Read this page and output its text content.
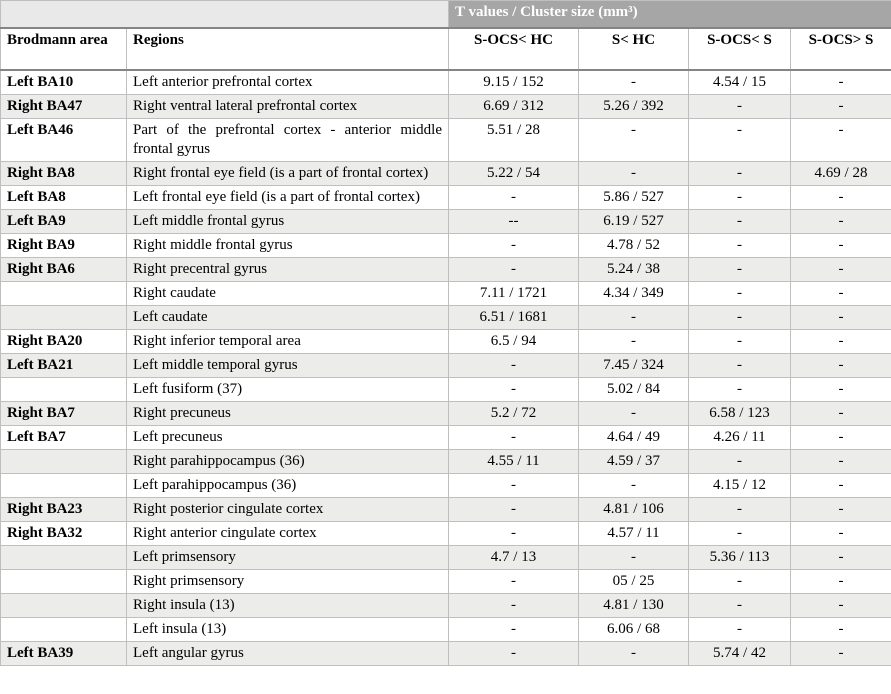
		T values / Cluster size (mm³)			
Brodmann area	Regions	S-OCS< HC	S< HC	S-OCS< S	S-OCS> S
Left BA10	Left anterior prefrontal cortex	9.15 / 152	-	4.54 / 15	-
Right BA47	Right ventral lateral prefrontal cortex	6.69 / 312	5.26 / 392	-	-
Left BA46	Part of the prefrontal cortex - anterior middle frontal gyrus	5.51 / 28	-	-	-
Right BA8	Right frontal eye field (is a part of frontal cortex)	5.22 / 54	-	-	4.69 / 28
Left BA8	Left frontal eye field (is a part of frontal cortex)	-	5.86 / 527	-	-
Left BA9	Left middle frontal gyrus	--	6.19 / 527	-	-
Right BA9	Right middle frontal gyrus	-	4.78 / 52	-	-
Right BA6	Right precentral gyrus	-	5.24 / 38	-	-
	Right caudate	7.11 / 1721	4.34 / 349	-	-
	Left caudate	6.51 / 1681	-	-	-
Right BA20	Right inferior temporal area	6.5 / 94	-	-	-
Left BA21	Left middle temporal gyrus	-	7.45 / 324	-	-
	Left fusiform (37)	-	5.02 / 84	-	-
Right BA7	Right precuneus	5.2 / 72	-	6.58 / 123	-
Left BA7	Left precuneus	-	4.64 / 49	4.26 / 11	-
	Right parahippocampus (36)	4.55 / 11	4.59 / 37	-	-
	Left parahippocampus (36)	-	-	4.15 / 12	-
Right BA23	Right posterior cingulate cortex	-	4.81 / 106	-	-
Right BA32	Right anterior cingulate cortex	-	4.57 / 11	-	-
	Left primsensory	4.7 / 13	-	5.36 / 113	-
	Right primsensory	-	05 / 25	-	-
	Right insula (13)	-	4.81 / 130	-	-
	Left insula (13)	-	6.06 / 68	-	-
Left BA39	Left angular gyrus	-	-	5.74 / 42	-
